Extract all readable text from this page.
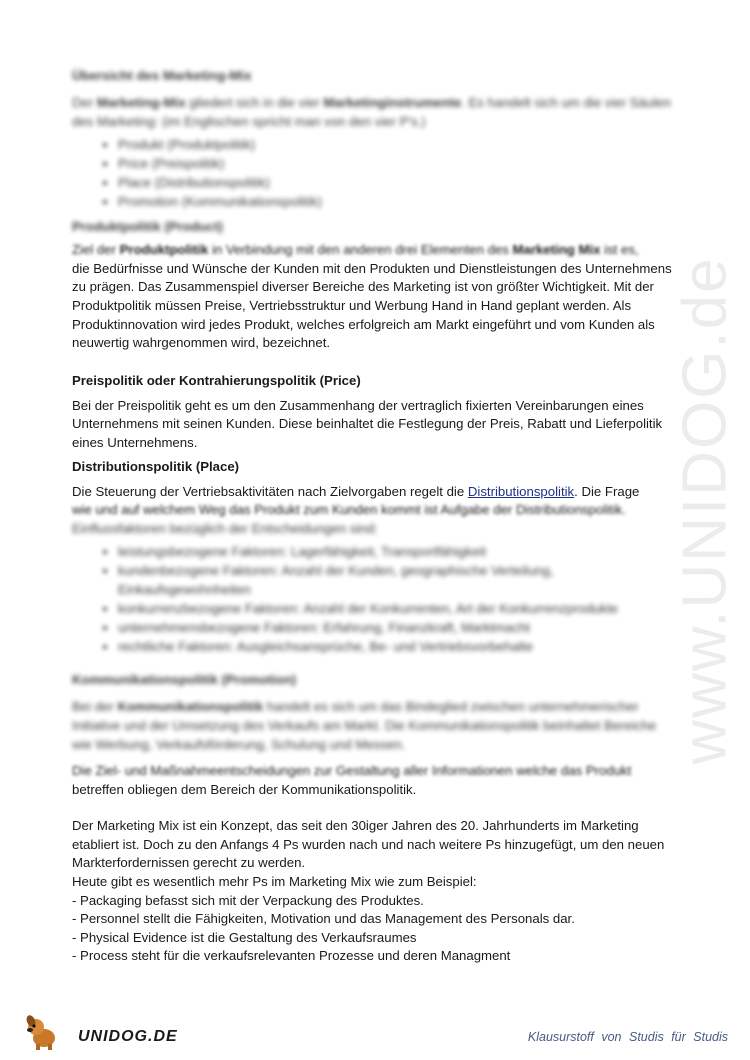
www.UNIDOG.de
Übersicht des Marketing-Mix

Der Marketing-Mix gliedert sich in die vier Marketinginstrumente. Es handelt sich um die vier Säulen des Marketing: (im Englischen spricht man von den vier P's.)

• Produkt (Produktpolitik)
• Price (Preispolitik)
• Place (Distributionspolitik)
• Promotion (Kommunikationspolitik)
Produktpolitik (Product)

Ziel der Produktpolitik in Verbindung mit den anderen drei Elementen des Marketing Mix ist es,

die Bedürfnisse und Wünsche der Kunden mit den Produkten und Dienstleistungen des Unternehmens zu prägen. Das Zusammenspiel diverser Bereiche des Marketing ist von größter Wichtigkeit. Mit der Produktpolitik müssen Preise, Vertriebsstruktur und Werbung Hand in Hand geplant werden. Als Produktinnovation wird jedes Produkt, welches erfolgreich am Markt eingeführt und vom Kunden als neuwertig wahrgenommen wird, bezeichnet.

Preispolitik oder Kontrahierungspolitik (Price)

Bei der Preispolitik geht es um den Zusammenhang der vertraglich fixierten Vereinbarungen eines Unternehmens mit seinen Kunden. Diese beinhaltet die Festlegung der Preis, Rabatt und Lieferpolitik eines Unternehmens.

Distributionspolitik (Place)

Die Steuerung der Vertriebsaktivitäten nach Zielvorgaben regelt die Distributionspolitik. Die Frage

wie und auf welchem Weg das Produkt zum Kunden kommt ist Aufgabe der Distributionspolitik.

Einflussfaktoren bezüglich der Entscheidungen sind:

• leistungsbezogene Faktoren: Lagerfähigkeit, Transportfähigkeit
• kundenbezogene Faktoren: Anzahl der Kunden, geographische Verteilung, Einkaufsgewohnheiten
• konkurrenzbezogene Faktoren: Anzahl der Konkurrenten, Art der Konkurrenzprodukte
• unternehmensbezogene Faktoren: Erfahrung, Finanzkraft, Marktmacht
• rechtliche Faktoren: Ausgleichsansprüche, Be- und Vertriebsvorbehalte
Kommunikationspolitik (Promotion)

Bei der Kommunikationspolitik handelt es sich um das Bindeglied zwischen unternehmerischer Initiative und der Umsetzung des Verkaufs am Markt. Die Kommunikationspolitik beinhaltet Bereiche wie Werbung, Verkaufsförderung, Schulung und Messen.

Die Ziel- und Maßnahmeentscheidungen zur Gestaltung aller Informationen welche das Produkt

betreffen obliegen dem Bereich der Kommunikationspolitik.

Der Marketing Mix ist ein Konzept, das seit den 30iger Jahren des 20. Jahrhunderts im Marketing etabliert ist. Doch zu den Anfangs 4 Ps wurden nach und nach weitere Ps hinzugefügt, um den neuen Markterfordernissen gerecht zu werden.

Heute gibt es wesentlich mehr Ps im Marketing Mix wie zum Beispiel:

- Packaging befasst sich mit der Verpackung des Produktes.

- Personnel stellt die Fähigkeiten, Motivation und das Management des Personals dar.

- Physical Evidence ist die Gestaltung des Verkaufsraumes

- Process steht für die verkaufsrelevanten Prozesse und deren Managment

UNIDOG.DE	Klausurstoff von Studis für Studis
